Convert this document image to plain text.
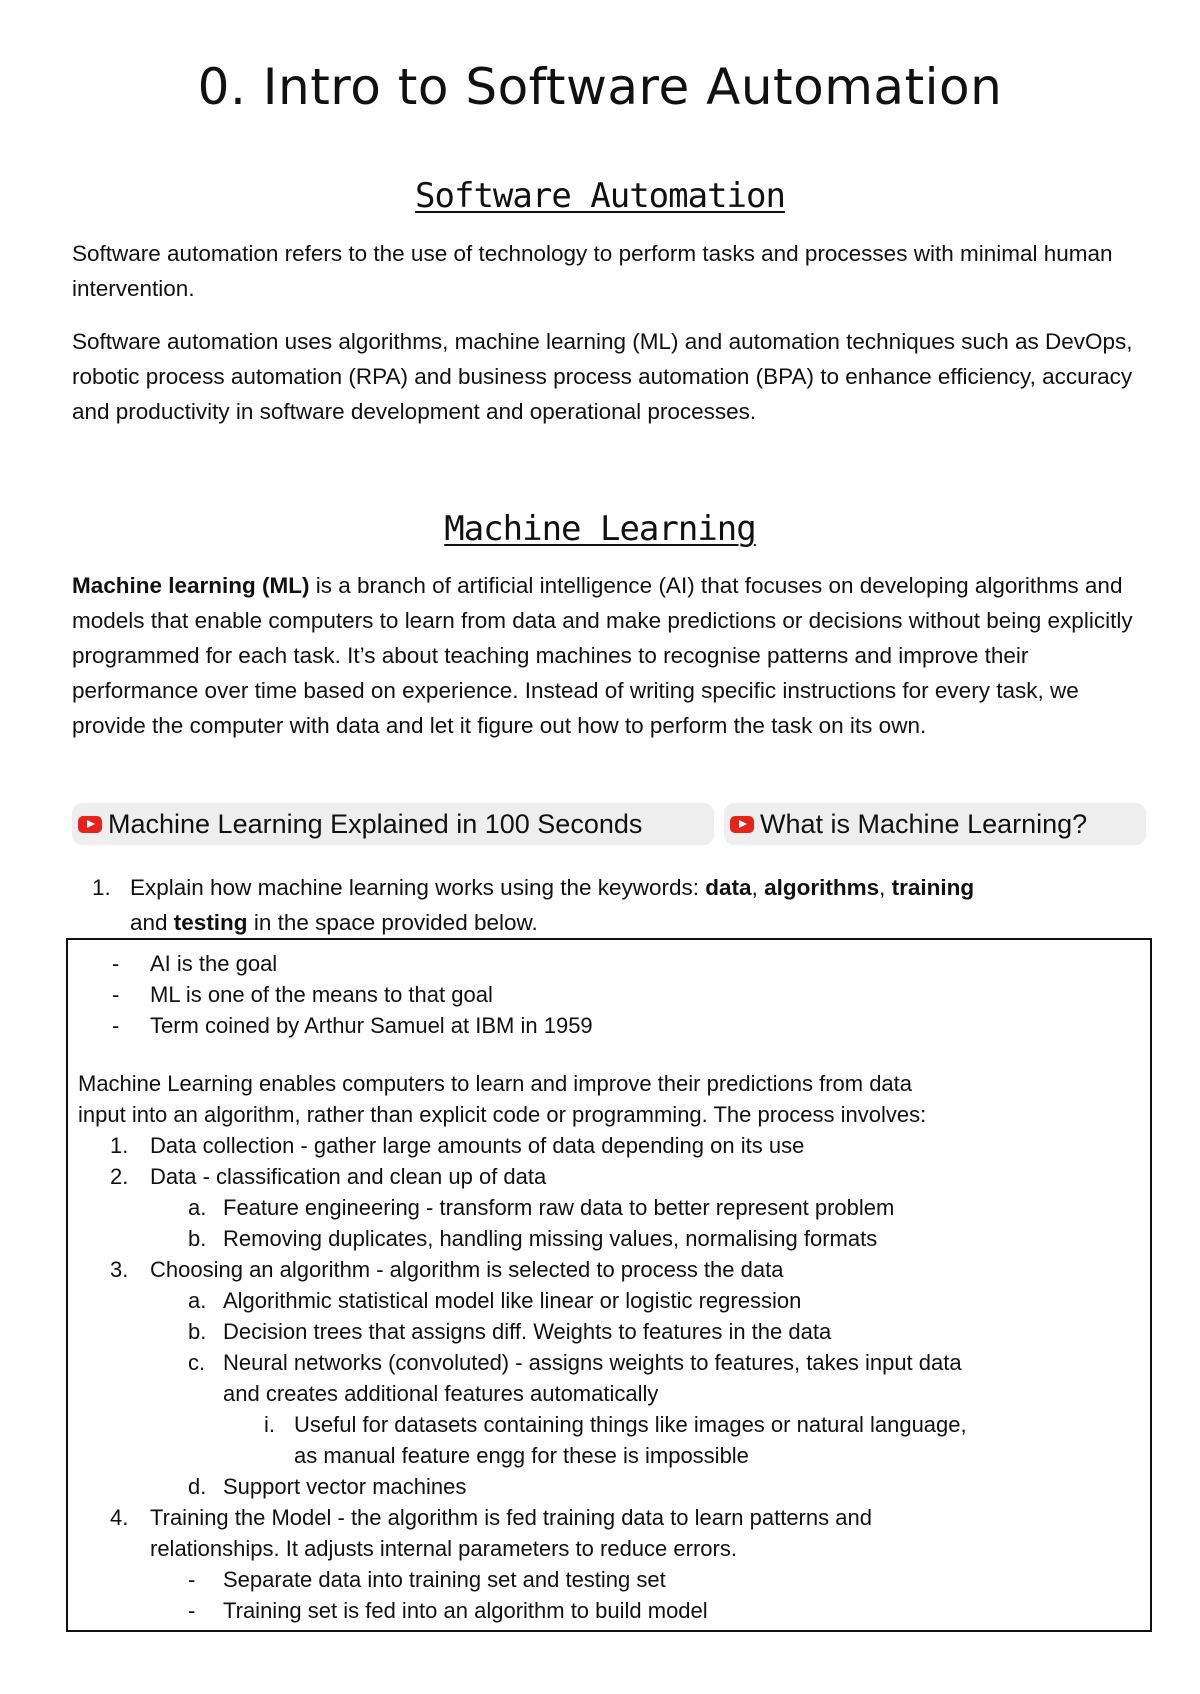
0. Intro to Software Automation
Software Automation

Software automation refers to the use of technology to perform tasks and processes with minimal human intervention.

Software automation uses algorithms, machine learning (ML) and automation techniques such as DevOps, robotic process automation (RPA) and business process automation (BPA) to enhance efficiency, accuracy and productivity in software development and operational processes.

Machine Learning

Machine learning (ML) is a branch of artificial intelligence (AI) that focuses on developing algorithms and models that enable computers to learn from data and make predictions or decisions without being explicitly programmed for each task. It’s about teaching machines to recognise patterns and improve their performance over time based on experience. Instead of writing specific instructions for every task, we provide the computer with data and let it figure out how to perform the task on its own.

Machine Learning Explained in 100 Seconds	What is Machine Learning?
1. Explain how machine learning works using the keywords: data, algorithms, training
and testing in the space provided below.
- AI is the goal
- ML is one of the means to that goal
- Term coined by Arthur Samuel at IBM in 1959
Machine Learning enables computers to learn and improve their predictions from data
input into an algorithm, rather than explicit code or programming. The process involves:
1. Data collection - gather large amounts of data depending on its use
2. Data - classification and clean up of data
a. Feature engineering - transform raw data to better represent problem
b. Removing duplicates, handling missing values, normalising formats
3. Choosing an algorithm - algorithm is selected to process the data
a. Algorithmic statistical model like linear or logistic regression
b. Decision trees that assigns diff. Weights to features in the data
c. Neural networks (convoluted) - assigns weights to features, takes input data
and creates additional features automatically
i. Useful for datasets containing things like images or natural language,
as manual feature engg for these is impossible
d. Support vector machines
4. Training the Model - the algorithm is fed training data to learn patterns and
relationships. It adjusts internal parameters to reduce errors.
- Separate data into training set and testing set
- Training set is fed into an algorithm to build model
